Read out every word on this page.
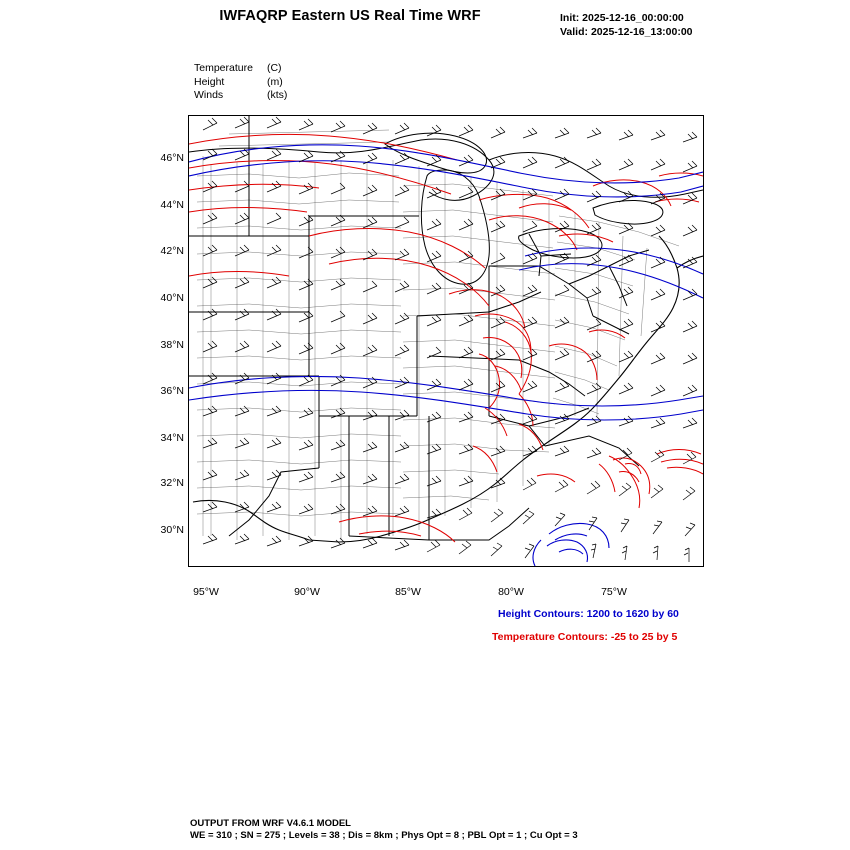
IWFAQRP Eastern US Real Time WRF	Init: 2025-12-16_00:00:00
Valid: 2025-12-16_13:00:00
Temperature	(C)
Height	(m)
Winds	(kts)
46°N
44°N
42°N
40°N
38°N
36°N
34°N
32°N
30°N
95°W	90°W	85°W	80°W	75°W
Height Contours: 1200 to 1620 by 60
Temperature Contours: -25 to 25 by 5
OUTPUT FROM WRF V4.6.1 MODEL
WE = 310 ; SN = 275 ; Levels = 38 ; Dis = 8km ; Phys Opt = 8 ; PBL Opt = 1 ; Cu Opt = 3
